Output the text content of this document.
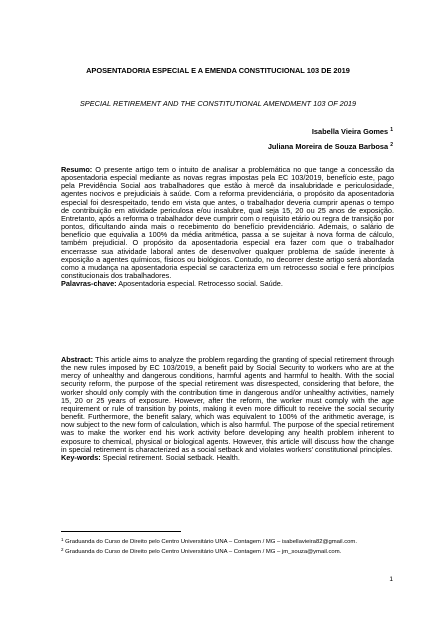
APOSENTADORIA ESPECIAL E A EMENDA CONSTITUCIONAL 103 DE 2019
SPECIAL RETIREMENT AND THE CONSTITUTIONAL AMENDMENT 103 OF 2019
Isabella Vieira Gomes $^1$
Juliana Moreira de Souza Barbosa $^2$

Resumo: O presente artigo tem o intuito de analisar a problemática no que tange a concessão da aposentadoria especial mediante as novas regras impostas pela EC 103/2019, benefício este, pago pela Previdência Social aos trabalhadores que estão à mercê da insalubridade e periculosidade, agentes nocivos e prejudiciais à saúde. Com a reforma previdenciária, o propósito da aposentadoria especial foi desrespeitado, tendo em vista que antes, o trabalhador deveria cumprir apenas o tempo de contribuição em atividade periculosa e/ou insalubre, qual seja 15, 20 ou 25 anos de exposição. Entretanto, após a reforma o trabalhador deve cumprir com o requisito etário ou regra de transição por pontos, dificultando ainda mais o recebimento do benefício previdenciário. Ademais, o salário de benefício que equivalia a 100% da média aritmética, passa a se sujeitar à nova forma de cálculo, também prejudicial. O propósito da aposentadoria especial era fazer com que o trabalhador encerrasse sua atividade laboral antes de desenvolver qualquer problema de saúde inerente à exposição a agentes químicos, físicos ou biológicos. Contudo, no decorrer deste artigo será abordada como a mudança na aposentadoria especial se caracteriza em um retrocesso social e fere princípios constitucionais dos trabalhadores.

Palavras-chave: Aposentadoria especial. Retrocesso social. Saúde.

Abstract: This article aims to analyze the problem regarding the granting of special retirement through the new rules imposed by EC 103/2019, a benefit paid by Social Security to workers who are at the mercy of unhealthy and dangerous conditions, harmful agents and harmful to health. With the social security reform, the purpose of the special retirement was disrespected, considering that before, the worker should only comply with the contribution time in dangerous and/or unhealthy activities, namely 15, 20 or 25 years of exposure. However, after the reform, the worker must comply with the age requirement or rule of transition by points, making it even more difficult to receive the social security benefit. Furthermore, the benefit salary, which was equivalent to 100% of the arithmetic average, is now subject to the new form of calculation, which is also harmful. The purpose of the special retirement was to make the worker end his work activity before developing any health problem inherent to exposure to chemical, physical or biological agents. However, this article will discuss how the change in special retirement is characterized as a social setback and violates workers' constitutional principles.

Key-words: Special retirement. Social setback. Health.

$^1$ Graduanda do Curso de Direito pelo Centro Universitário UNA – Contagem / MG – isabellavieira82@gmail.com.

$^2$ Graduanda do Curso de Direito pelo Centro Universitário UNA – Contagem / MG – jm_souza@ymail.com.

1
